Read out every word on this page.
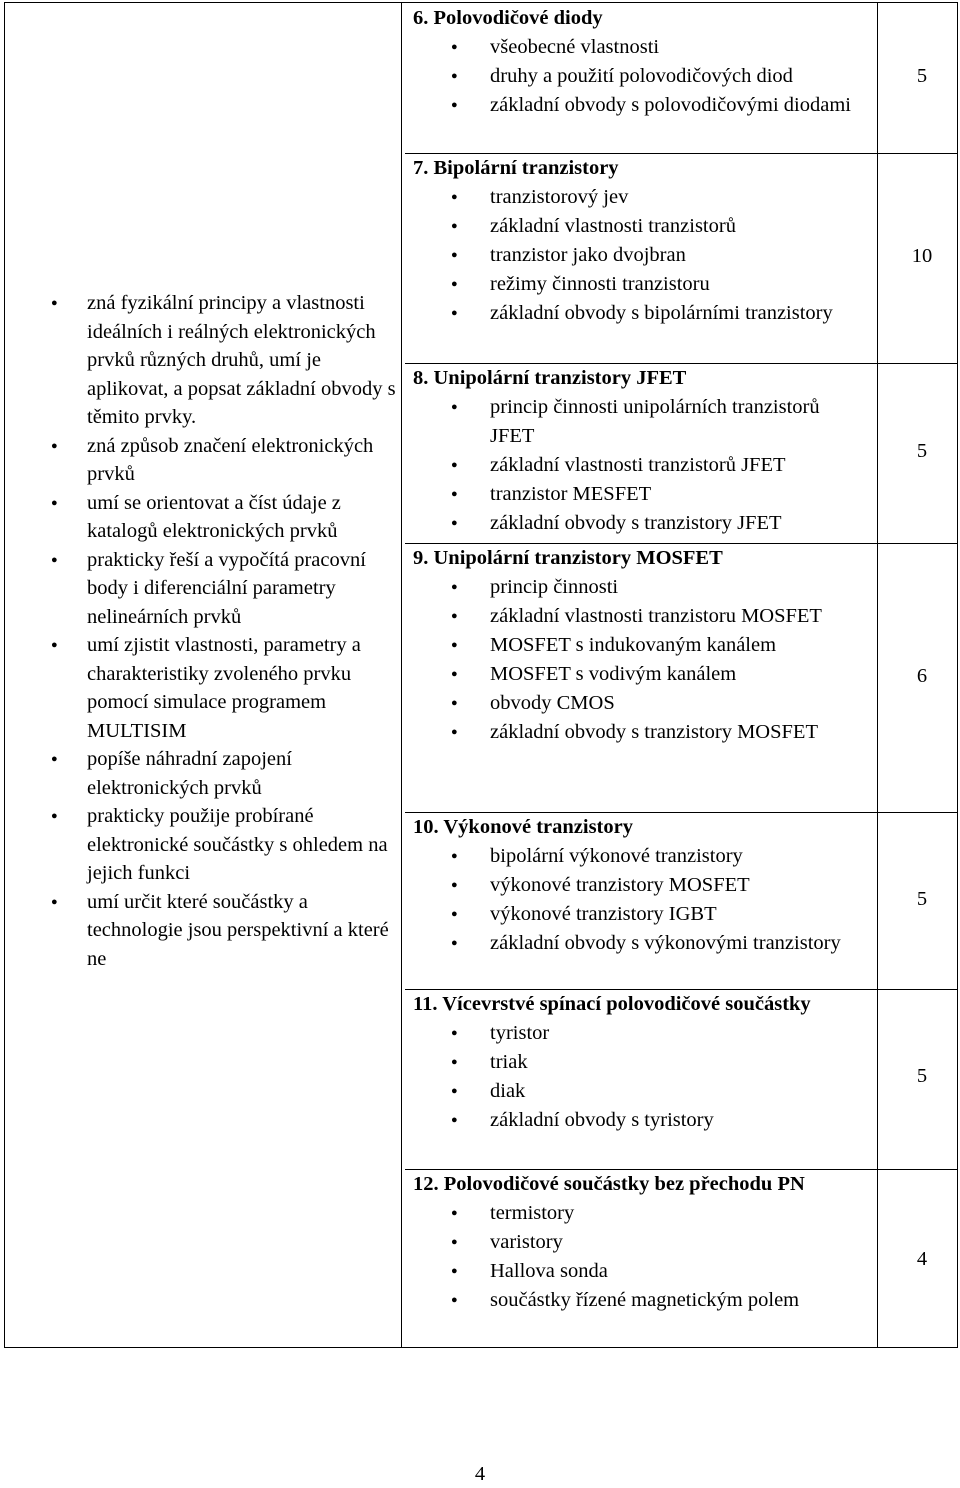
● zná fyzikální principy a vlastnosti ideálních i reálných elektronických prvků různých druhů, umí je aplikovat, a popsat základní obvody s těmito prvky.
● zná způsob značení elektronických prvků
● umí se orientovat a číst údaje z katalogů elektronických prvků
● prakticky řeší a vypočítá pracovní body i diferenciální parametry nelineárních prvků
● umí zjistit vlastnosti, parametry a charakteristiky zvoleného prvku pomocí simulace programem MULTISIM
● popíše náhradní zapojení elektronických prvků
● prakticky použije probírané elektronické součástky s ohledem na jejich funkci
● umí určit které součástky a technologie jsou perspektivní a které ne
6. Polovodičové diody
● všeobecné vlastnosti
● druhy a použití polovodičových diod
● základní obvody s polovodičovými diodami
5
7. Bipolární tranzistory
● tranzistorový jev
● základní vlastnosti tranzistorů
● tranzistor jako dvojbran
● režimy činnosti tranzistoru
● základní obvody s bipolárními tranzistory
10
8. Unipolární tranzistory JFET
● princip činnosti unipolárních tranzistorů JFET
● základní vlastnosti tranzistorů JFET
● tranzistor MESFET
● základní obvody s tranzistory JFET
5
9. Unipolární tranzistory MOSFET
● princip činnosti
● základní vlastnosti tranzistoru MOSFET
● MOSFET s indukovaným kanálem
● MOSFET s vodivým kanálem
● obvody CMOS
● základní obvody s tranzistory MOSFET
6
10. Výkonové tranzistory
● bipolární výkonové tranzistory
● výkonové tranzistory MOSFET
● výkonové tranzistory IGBT
● základní obvody s výkonovými tranzistory
5
11. Vícevrstvé spínací polovodičové součástky
● tyristor
● triak
● diak
● základní obvody s tyristory
5
12. Polovodičové součástky bez přechodu PN
● termistory
● varistory
● Hallova sonda
● součástky řízené magnetickým polem
4
4
